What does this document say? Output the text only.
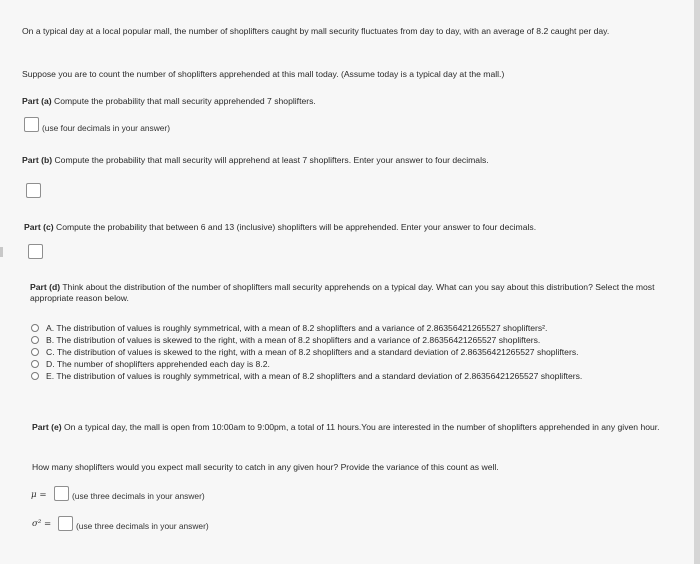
On a typical day at a local popular mall, the number of shoplifters caught by mall security fluctuates from day to day, with an average of 8.2 caught per day.
Suppose you are to count the number of shoplifters apprehended at this mall today. (Assume today is a typical day at the mall.)
Part (a) Compute the probability that mall security apprehended 7 shoplifters.
(use four decimals in your answer)
Part (b) Compute the probability that mall security will apprehend at least 7 shoplifters. Enter your answer to four decimals.
Part (c) Compute the probability that between 6 and 13 (inclusive) shoplifters will be apprehended. Enter your answer to four decimals.
Part (d) Think about the distribution of the number of shoplifters mall security apprehends on a typical day. What can you say about this distribution? Select the most appropriate reason below.
A. The distribution of values is roughly symmetrical, with a mean of 8.2 shoplifters and a variance of 2.86356421265527 shoplifters².
B. The distribution of values is skewed to the right, with a mean of 8.2 shoplifters and a variance of 2.86356421265527 shoplifters.
C. The distribution of values is skewed to the right, with a mean of 8.2 shoplifters and a standard deviation of 2.86356421265527 shoplifters.
D. The number of shoplifters apprehended each day is 8.2.
E. The distribution of values is roughly symmetrical, with a mean of 8.2 shoplifters and a standard deviation of 2.86356421265527 shoplifters.
Part (e) On a typical day, the mall is open from 10:00am to 9:00pm, a total of 11 hours.You are interested in the number of shoplifters apprehended in any given hour.
How many shoplifters would you expect mall security to catch in any given hour? Provide the variance of this count as well.
μ =	(use three decimals in your answer)
σ² =	(use three decimals in your answer)
